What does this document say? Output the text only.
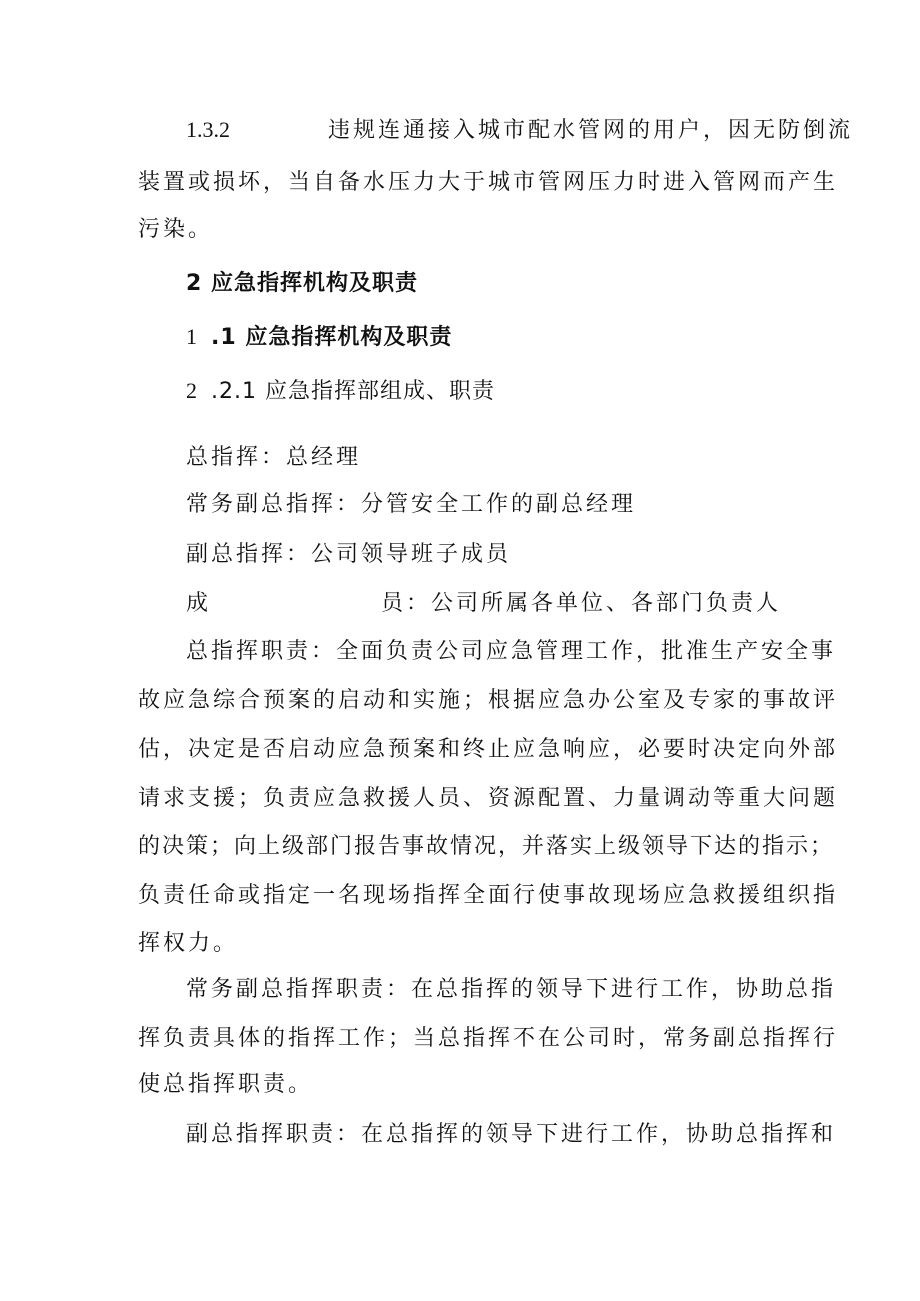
1.3.2	违规连通接入城市配水管网的用户，因无防倒流
装置或损坏，当自备水压力大于城市管网压力时进入管网而产生
污染。
2 应急指挥机构及职责
1 .1 应急指挥机构及职责
2 .2.1 应急指挥部组成、职责
总指挥：总经理
常务副总指挥：分管安全工作的副总经理
副总指挥：公司领导班子成员
成	员：公司所属各单位、各部门负责人
总指挥职责：全面负责公司应急管理工作，批准生产安全事
故应急综合预案的启动和实施；根据应急办公室及专家的事故评
估，决定是否启动应急预案和终止应急响应，必要时决定向外部
请求支援；负责应急救援人员、资源配置、力量调动等重大问题
的决策；向上级部门报告事故情况，并落实上级领导下达的指示；
负责任命或指定一名现场指挥全面行使事故现场应急救援组织指
挥权力。
常务副总指挥职责：在总指挥的领导下进行工作，协助总指
挥负责具体的指挥工作；当总指挥不在公司时，常务副总指挥行
使总指挥职责。
副总指挥职责：在总指挥的领导下进行工作，协助总指挥和
